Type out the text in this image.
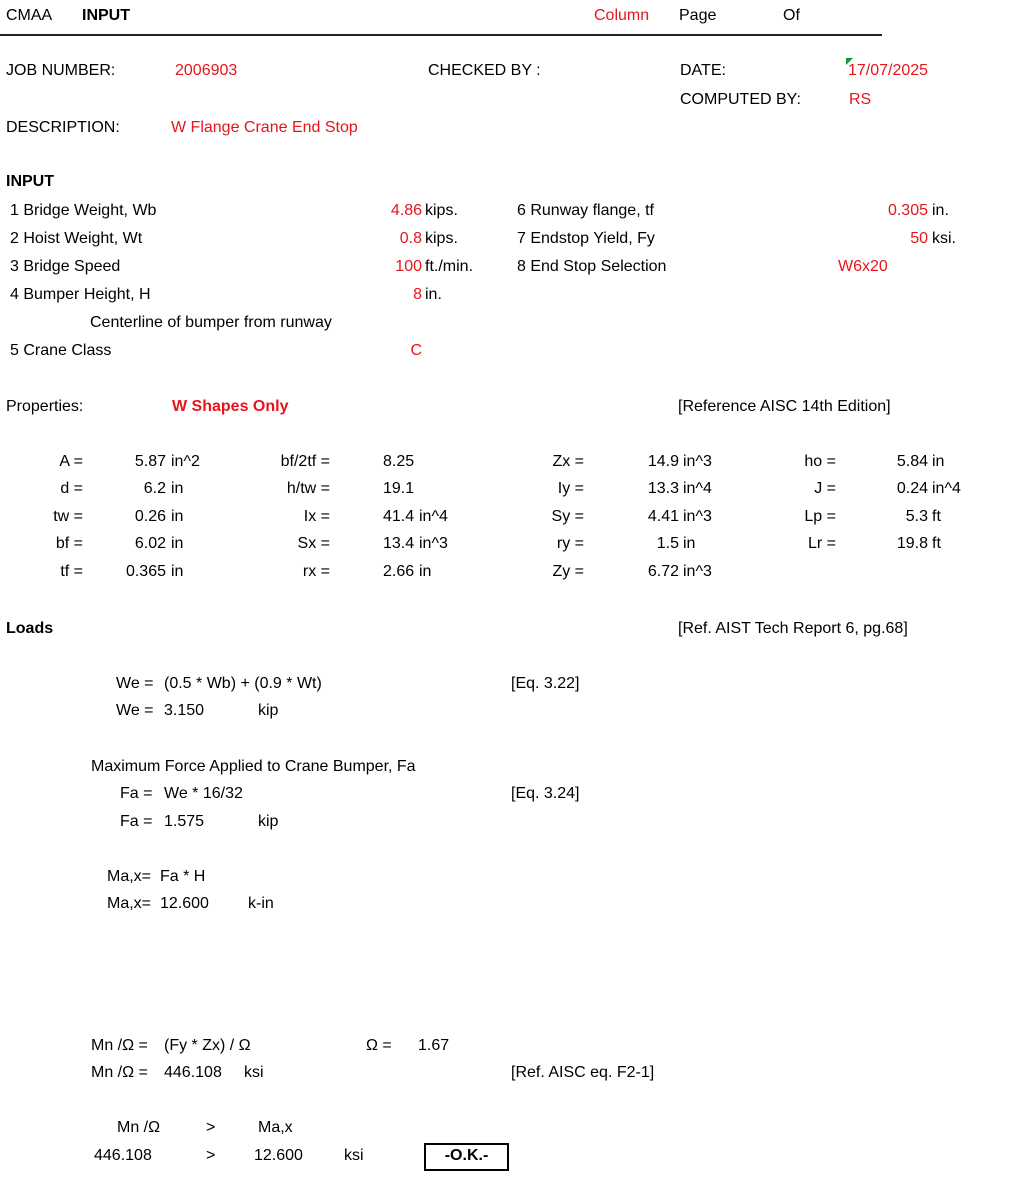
CMAA INPUT	Column Page	Of
JOB NUMBER:	2006903	CHECKED BY :	DATE:	17/07/2025
COMPUTED BY:	RS
DESCRIPTION:	W Flange Crane End Stop
INPUT
1 Bridge Weight, Wb	4.86 kips.
2 Hoist Weight, Wt	0.8 kips.
3 Bridge Speed	100 ft./min.
4 Bumper Height, H	8 in.
Centerline of bumper from runway
5 Crane Class	C
6 Runway flange, tf	0.305 in.
7 Endstop Yield, Fy	50 ksi.
8 End Stop Selection	W6x20
Properties:	W Shapes Only	[Reference AISC 14th Edition]
A =	5.87 in^2
d =	6.2 in
tw =	0.26 in
bf =	6.02 in
tf =	0.365 in
bf/2tf =	8.25
h/tw =	19.1
Ix =	41.4 in^4
Sx =	13.4 in^3
rx =	2.66 in
Zx =	14.9 in^3
Iy =	13.3 in^4
Sy =	4.41 in^3
ry =	1.5 in
Zy =	6.72 in^3
ho =	5.84 in
J =	0.24 in^4
Lp =	5.3 ft
Lr =	19.8 ft
Loads	[Ref. AIST Tech Report 6, pg.68]
We = (0.5 * Wb) + (0.9 * Wt)	[Eq. 3.22]
We = 3.150	kip
Maximum Force Applied to Crane Bumper, Fa
Fa = We * 16/32	[Eq. 3.24]
Fa = 1.575	kip
Ma,x= Fa * H
Ma,x= 12.600 k-in
Mn /Ω = (Fy * Zx) / Ω	Ω = 1.67
Mn /Ω = 446.108 ksi	[Ref. AISC eq. F2-1]
Mn /Ω	>	Ma,x
446.108	> 12.600	ksi	-O.K.-
